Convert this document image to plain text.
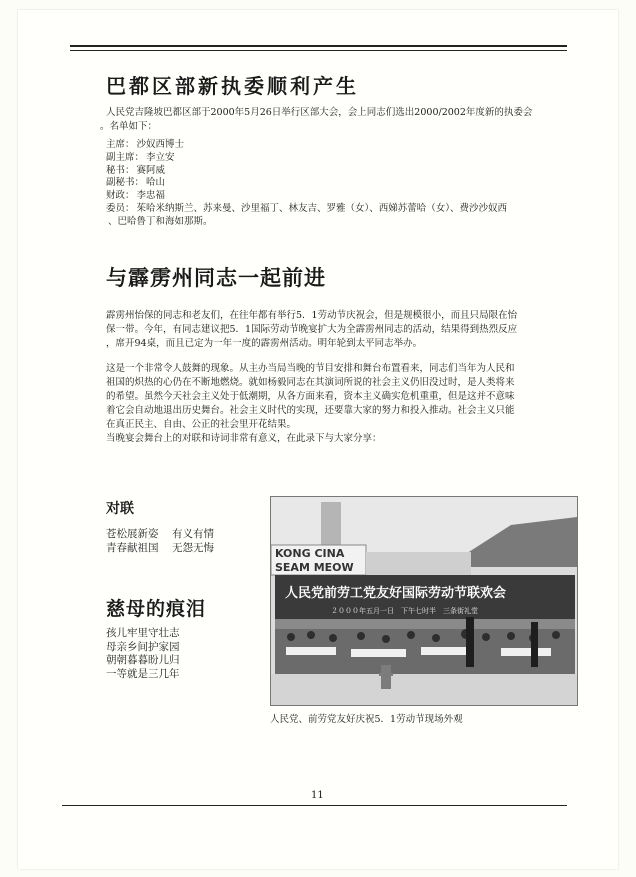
巴都区部新执委顺利产生
人民党吉隆坡巴都区部于2000年5月26日举行区部大会，会上同志们选出2000/2002年度新的执委会
。名单如下：
主席： 沙奴西博士
副主席： 李立安
秘书： 赛阿威
副秘书： 哈山
财政： 李忠福
委员： 茱哈米纳斯兰、苏来曼、沙里福丁、林友吉、罗雅（女）、西娣苏蕾哈（女）、费沙沙奴西
、巴哈鲁丁和海如那斯。
与霹雳州同志一起前进
霹雳州怡保的同志和老友们，在往年都有举行5．1劳动节庆祝会，但是规模很小，而且只局限在怡
保一带。今年，有同志建议把5．1国际劳动节晚宴扩大为全霹雳州同志的活动，结果得到热烈反应
，席开94桌，而且已定为一年一度的霹雳州活动。明年轮到太平同志举办。
这是一个非常令人鼓舞的现象。从主办当局当晚的节目安排和舞台布置看来，同志们当年为人民和
祖国的炽热的心仍在不断地燃烧。就如杨毅同志在其演词所说的社会主义仍旧没过时，是人类将来
的希望。虽然今天社会主义处于低潮期，从各方面来看，资本主义确实危机重重，但是这并不意味
着它会自动地退出历史舞台。社会主义时代的实现，还要靠大家的努力和投入推动。社会主义只能
在真正民主、自由、公正的社会里开花结果。
当晚宴会舞台上的对联和诗词非常有意义，在此录下与大家分享：
对联
苍松展新姿 有义有情
青春献祖国 无怨无悔
慈母的痕泪
孩儿牢里守壮志
母亲乡间护家园
朝朝暮暮盼儿归
一等就是三几年
KONG CINA
SEAM MEOW
人民党前劳工党友好国际劳动节联欢会
２０００年五月一日　下午七时半　三条街礼堂
人民党、前劳党友好庆祝5．1劳动节现场外观
11
